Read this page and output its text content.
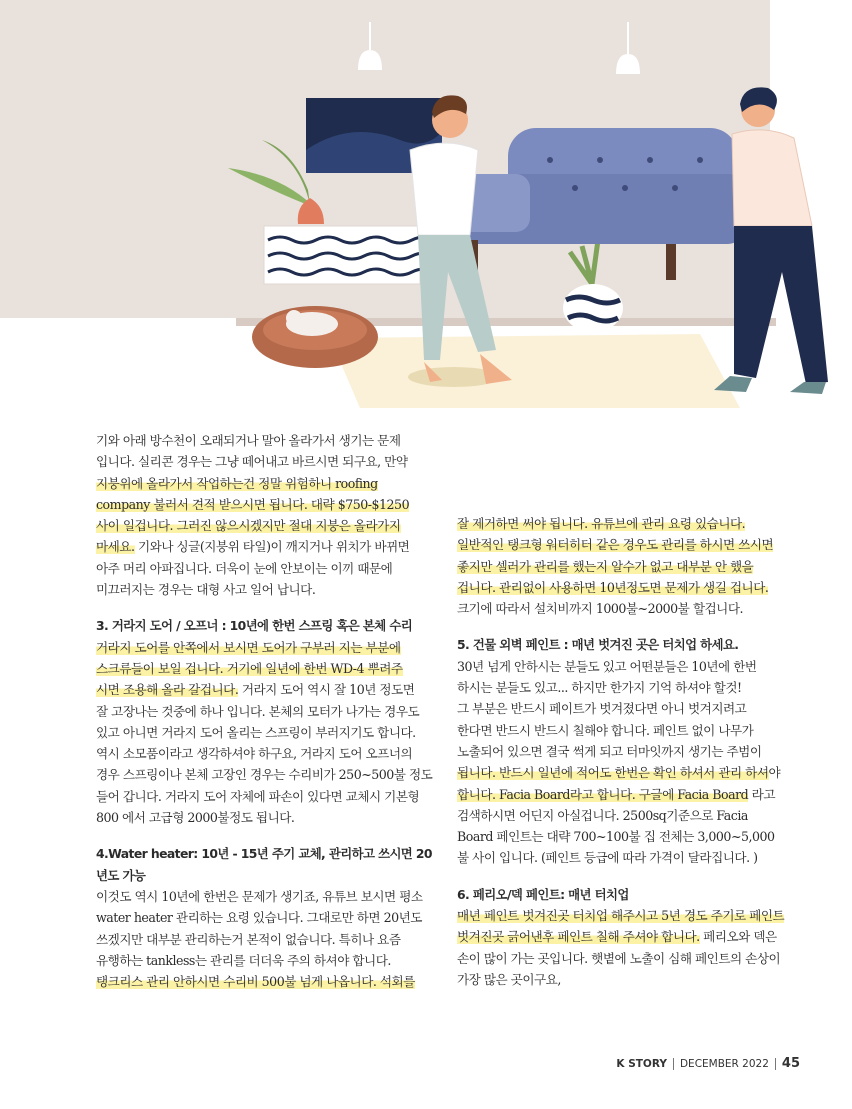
기와 아래 방수천이 오래되거나 말아 올라가서 생기는 문제

입니다. 실리콘 경우는 그냥 떼어내고 바르시면 되구요, 만약

지붕위에 올라가서 작업하는건 정말 위험하니 roofing

company 불러서 견적 받으시면 됩니다. 대략 $750-$1250

사이 일겁니다. 그러진 않으시겠지만 절대 지붕은 올라가지

마세요. 기와나 싱글(지붕위 타일)이 깨지거나 위치가 바뀌면

아주 머리 아파집니다. 더욱이 눈에 안보이는 이끼 때문에

미끄러지는 경우는 대형 사고 일어 납니다.

3. 거라지 도어 / 오프너 : 10년에 한번 스프링 혹은 본체 수리

거라지 도어를 안쪽에서 보시면 도어가 구부러 지는 부분에

스크류들이 보일 겁니다. 거기에 일년에 한번 WD-4 뿌려주

시면 조용해 올라 갈겁니다. 거라지 도어 역시 잘 10년 정도면

잘 고장나는 것중에 하나 입니다. 본체의 모터가 나가는 경우도

있고 아니면 거라지 도어 올리는 스프링이 부러지기도 합니다.

역시 소모품이라고 생각하셔야 하구요, 거라지 도어 오프너의

경우 스프링이나 본체 고장인 경우는 수리비가 250~500불 정도

들어 갑니다. 거라지 도어 자체에 파손이 있다면 교체시 기본형

800 에서 고급형 2000불정도 됩니다.

4.Water heater: 10년 - 15년 주기 교체, 관리하고 쓰시면 20

년도 가능

이것도 역시 10년에 한번은 문제가 생기죠, 유튜브 보시면 평소

water heater 관리하는 요령 있습니다. 그대로만 하면 20년도

쓰겠지만 대부분 관리하는거 본적이 없습니다. 특히나 요즘

유행하는 tankless는 관리를 더더욱 주의 하셔야 합니다.

탱크리스 관리 안하시면 수리비 500불 넘게 나옵니다. 석회를

잘 제거하면 써야 됩니다. 유튜브에 관리 요령 있습니다.

일반적인 탱크형 워터히터 같은 경우도 관리를 하시면 쓰시면

좋지만 셀러가 관리를 했는지 알수가 없고 대부분 안 했을

겁니다. 관리없이 사용하면 10년정도면 문제가 생길 겁니다.

크기에 따라서 설치비까지 1000불~2000불 할겁니다.

5. 건물 외벽 페인트 : 매년 벗겨진 곳은 터치업 하세요.

30년 넘게 안하시는 분들도 있고 어떤분들은 10년에 한번

하시는 분들도 있고... 하지만 한가지 기억 하셔야 할것!

그 부분은 반드시 페이트가 벗겨졌다면 아니 벗겨지려고

한다면 반드시 반드시 칠해야 합니다. 페인트 없이 나무가

노출되어 있으면 결국 썩게 되고 터마잇까지 생기는 주범이

됩니다. 반드시 일년에 적어도 한번은 확인 하셔서 관리 하셔야

합니다. Facia Board라고 합니다. 구글에 Facia Board 라고

검색하시면 어딘지 아실겁니다. 2500sq기준으로 Facia

Board 페인트는 대략 700~100불 집 전체는 3,000~5,000

불 사이 입니다. (페인트 등급에 따라 가격이 달라집니다. )

6. 페리오/덱 페인트: 매년 터치업

매년 페인트 벗겨진곳 터치업 해주시고 5년 경도 주기로 페인트

벗겨진곳 긁어낸후 페인트 칠해 주셔야 합니다. 페리오와 덱은

손이 많이 가는 곳입니다. 햇볕에 노출이 심해 페인트의 손상이

가장 많은 곳이구요,

K STORY DECEMBER 2022 45
